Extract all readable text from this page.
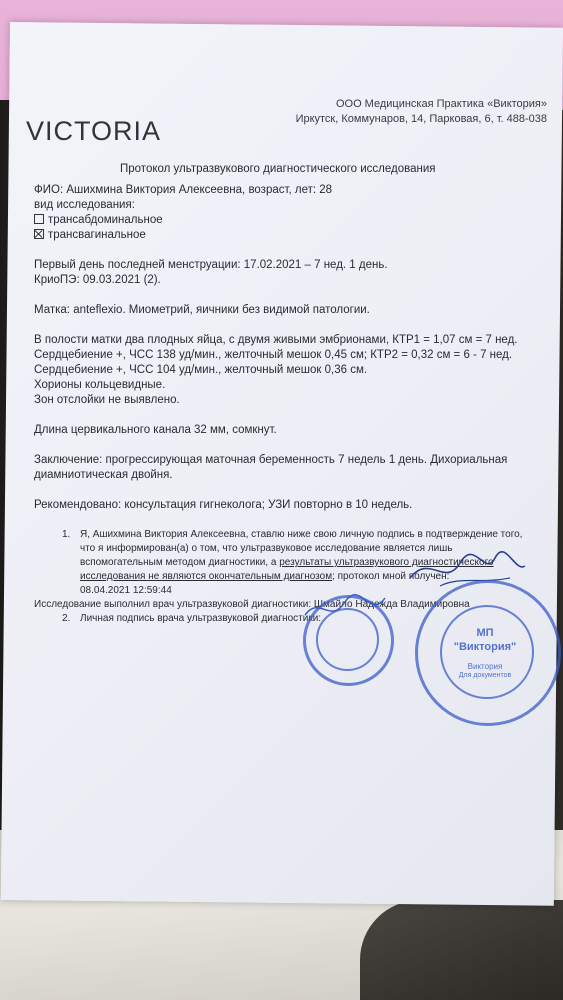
VICTORIA
ООО Медицинская Практика «Виктория»
Иркутск, Коммунаров, 14, Парковая, 6, т. 488-038
Протокол ультразвукового диагностического исследования
ФИО: Ашихмина Виктория Алексеевна, возраст, лет: 28
вид исследования:
трансабдоминальное
трансвагинальное
Первый день последней менструации: 17.02.2021 – 7 нед. 1 день.
КриоПЭ: 09.03.2021 (2).
Матка: anteflexio. Миометрий, яичники без видимой патологии.
В полости матки два плодных яйца, с двумя живыми эмбрионами, КТР1 = 1,07 см = 7 нед.
Сердцебиение +, ЧСС 138 уд/мин., желточный мешок 0,45 см; КТР2 = 0,32 см = 6 - 7 нед.
Сердцебиение +, ЧСС 104 уд/мин., желточный мешок 0,36 см.
Хорионы кольцевидные.
Зон отслойки не выявлено.
Длина цервикального канала 32 мм, сомкнут.
Заключение: прогрессирующая маточная беременность 7 недель 1 день. Дихориальная
диамниотическая двойня.
Рекомендовано: консультация гигнеколога; УЗИ повторно в 10 недель.
1. Я, Ашихмина Виктория Алексеевна, ставлю ниже свою личную подпись в подтверждение того,
что я информирован(а) о том, что ультразвуковое исследование является лишь
вспомогательным методом диагностики, а результаты ультразвукового диагностического
исследования не являются окончательным диагнозом; протокол мной получен:
08.04.2021 12:59:44
Исследование выполнил врач ультразвуковой диагностики: Шмайло Надежда Владимировна
2. Личная подпись врача ультразвуковой диагностики:
МП
"Виктория"
Для документов
Виктория
